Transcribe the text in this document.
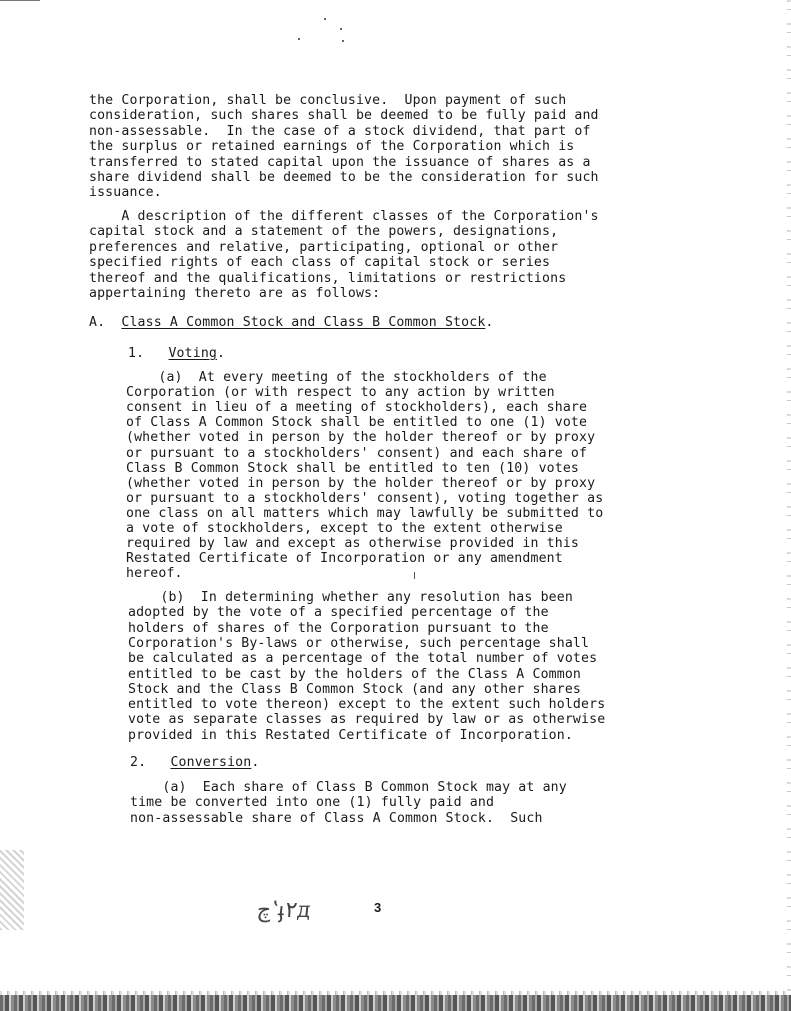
the Corporation, shall be conclusive.  Upon payment of such
consideration, such shares shall be deemed to be fully paid and
non-assessable.  In the case of a stock dividend, that part of
the surplus or retained earnings of the Corporation which is
transferred to stated capital upon the issuance of shares as a
share dividend shall be deemed to be the consideration for such
issuance.
A description of the different classes of the Corporation's
capital stock and a statement of the powers, designations,
preferences and relative, participating, optional or other
specified rights of each class of capital stock or series
thereof and the qualifications, limitations or restrictions
appertaining thereto are as follows:
A. Class A Common Stock and Class B Common Stock.
1. Voting.
(a)  At every meeting of the stockholders of the
Corporation (or with respect to any action by written
consent in lieu of a meeting of stockholders), each share
of Class A Common Stock shall be entitled to one (1) vote
(whether voted in person by the holder thereof or by proxy
or pursuant to a stockholders' consent) and each share of
Class B Common Stock shall be entitled to ten (10) votes
(whether voted in person by the holder thereof or by proxy
or pursuant to a stockholders' consent), voting together as
one class on all matters which may lawfully be submitted to
a vote of stockholders, except to the extent otherwise
required by law and except as otherwise provided in this
Restated Certificate of Incorporation or any amendment
hereof.
(b)  In determining whether any resolution has been
adopted by the vote of a specified percentage of the
holders of shares of the Corporation pursuant to the
Corporation's By-laws or otherwise, such percentage shall
be calculated as a percentage of the total number of votes
entitled to be cast by the holders of the Class A Common
Stock and the Class B Common Stock (and any other shares
entitled to vote thereon) except to the extent such holders
vote as separate classes as required by law or as otherwise
provided in this Restated Certificate of Incorporation.
2. Conversion.
(a)  Each share of Class B Common Stock may at any
time be converted into one (1) fully paid and
non-assessable share of Class A Common Stock.  Such
چʽֈ٢д	3
